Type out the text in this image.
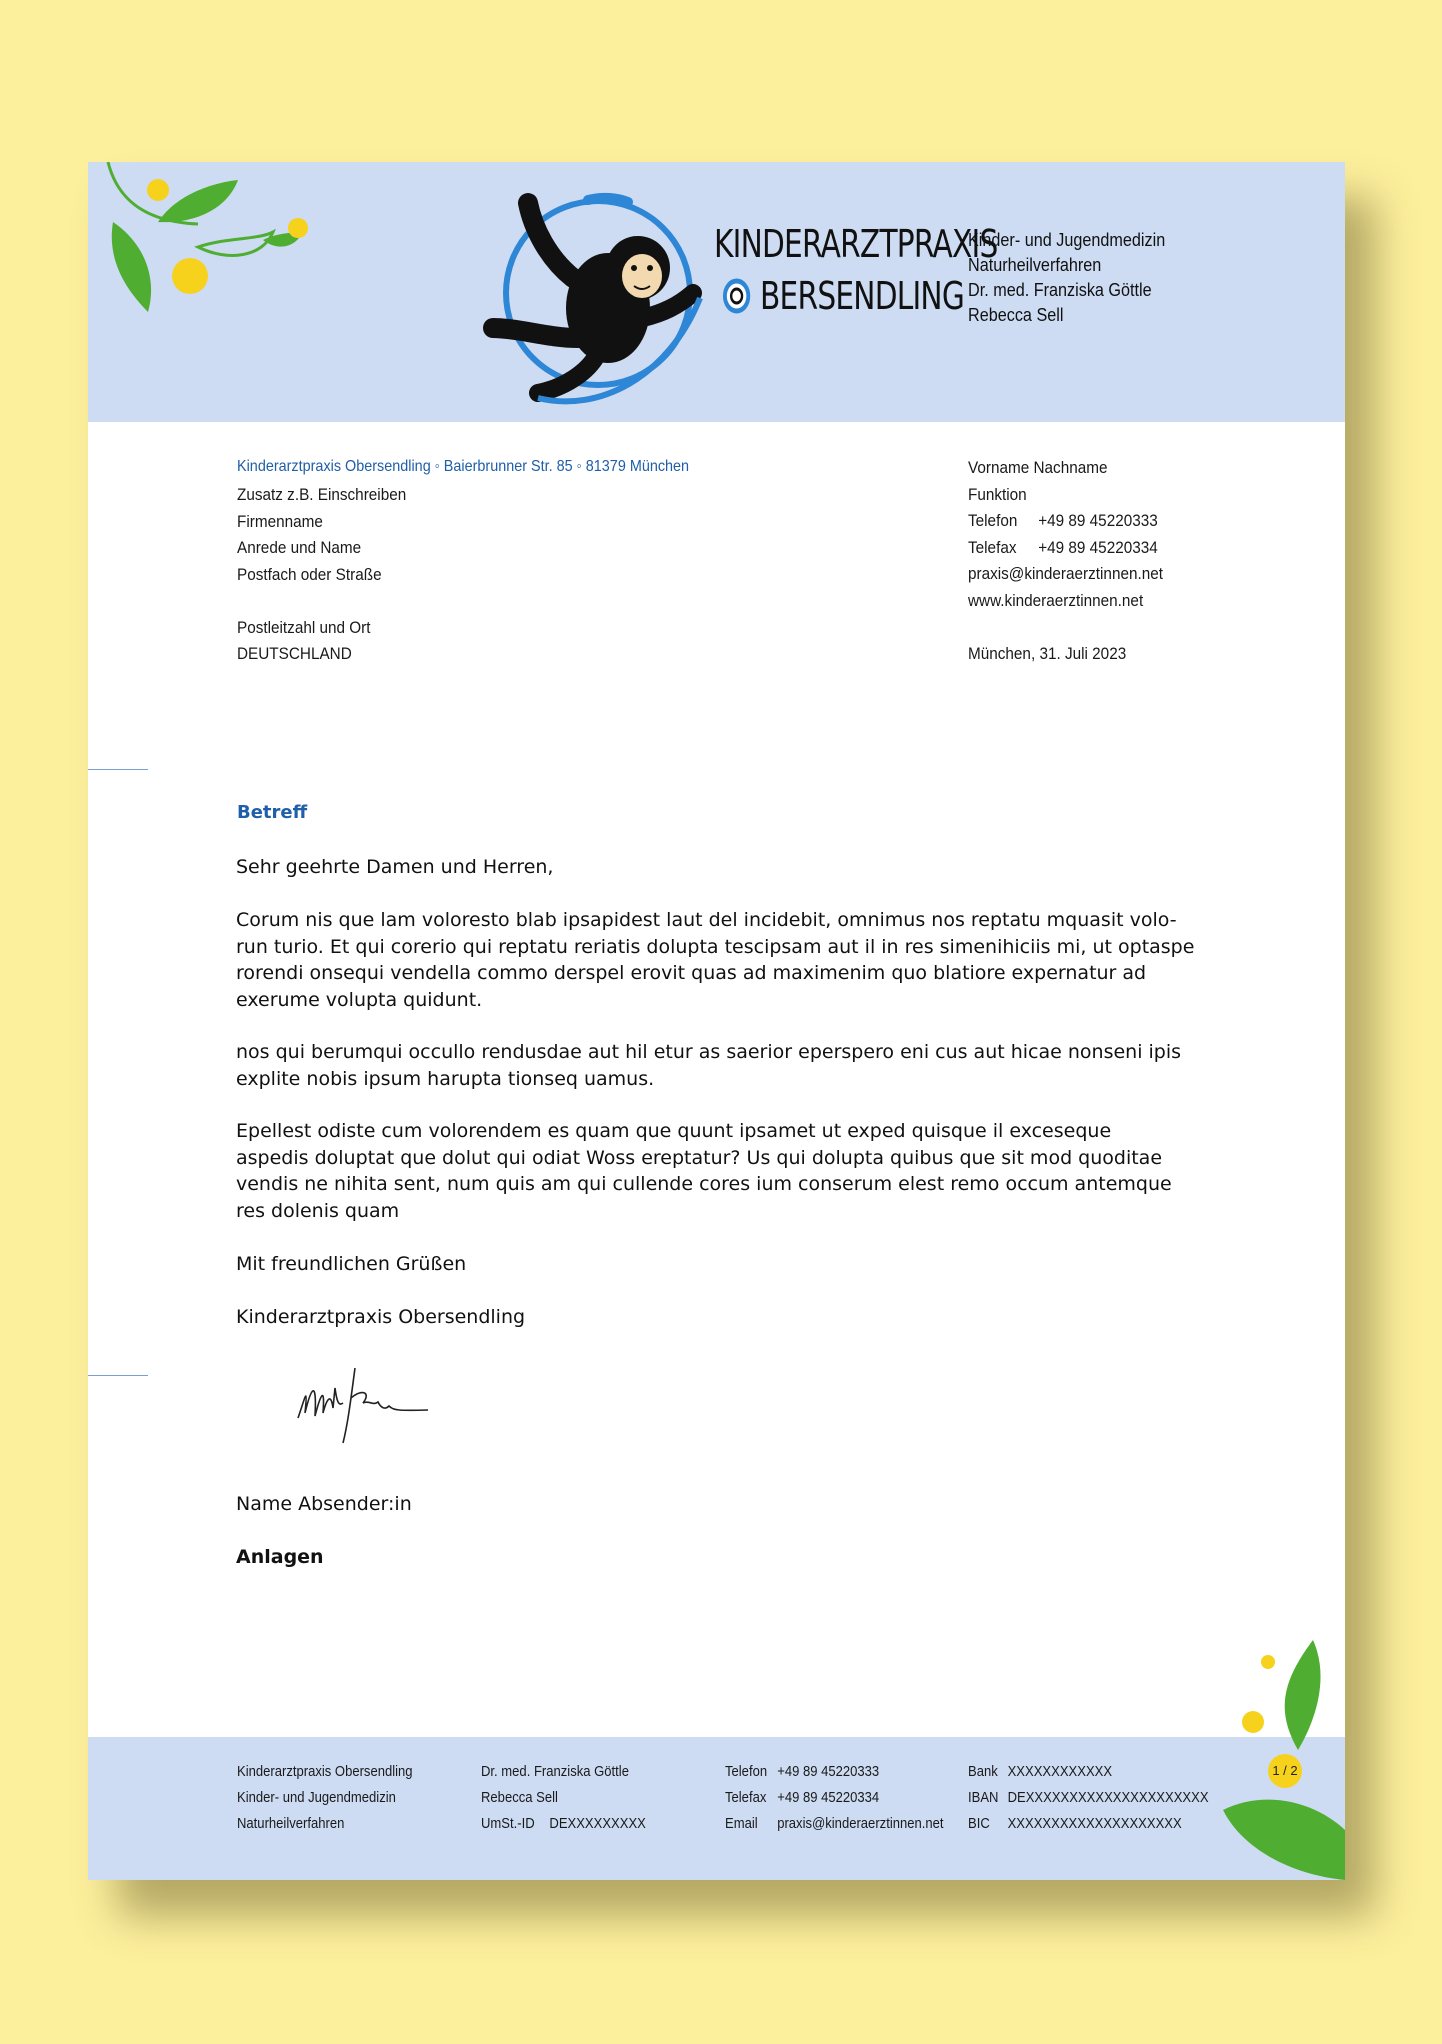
KINDERARZTPRAXIS
BERSENDLING
Kinder- und Jugendmedizin
Naturheilverfahren
Dr. med. Franziska Göttle
Rebecca Sell
Kinderarztpraxis Obersendling ◦ Baierbrunner Str. 85 ◦ 81379 München
Zusatz z.B. Einschreiben
Firmenname
Anrede und Name
Postfach oder Straße
Postleitzahl und Ort
DEUTSCHLAND
Vorname Nachname
Funktion
Telefon +49 89 45220333
Telefax +49 89 45220334
praxis@kinderaerztinnen.net
www.kinderaerztinnen.net
München, 31. Juli 2023
Betreff
Sehr geehrte Damen und Herren,
Corum nis que lam voloresto blab ipsapidest laut del incidebit, omnimus nos reptatu mquasit volo-
run turio. Et qui corerio qui reptatu reriatis dolupta tescipsam aut il in res simenihiciis mi, ut optaspe
rorendi onsequi vendella commo derspel erovit quas ad maximenim quo blatiore expernatur ad
exerume volupta quidunt.
nos qui berumqui occullo rendusdae aut hil etur as saerior eperspero eni cus aut hicae nonseni ipis
explite nobis ipsum harupta tionseq uamus.
Epellest odiste cum volorendem es quam que quunt ipsamet ut exped quisque il exceseque
aspedis doluptat que dolut qui odiat Woss ereptatur? Us qui dolupta quibus que sit mod quoditae
vendis ne nihita sent, num quis am qui cullende cores ium conserum elest remo occum antemque
res dolenis quam
Mit freundlichen Grüßen
Kinderarztpraxis Obersendling
Name Absender:in
Anlagen
Kinderarztpraxis Obersendling
Kinder- und Jugendmedizin
Naturheilverfahren
Dr. med. Franziska Göttle
Rebecca Sell
UmSt.-ID DEXXXXXXXXX
Telefon +49 89 45220333
Telefax +49 89 45220334
Email praxis@kinderaerztinnen.net
Bank XXXXXXXXXXXX
IBAN DEXXXXXXXXXXXXXXXXXXXXX
BIC XXXXXXXXXXXXXXXXXXXX
1 / 2
